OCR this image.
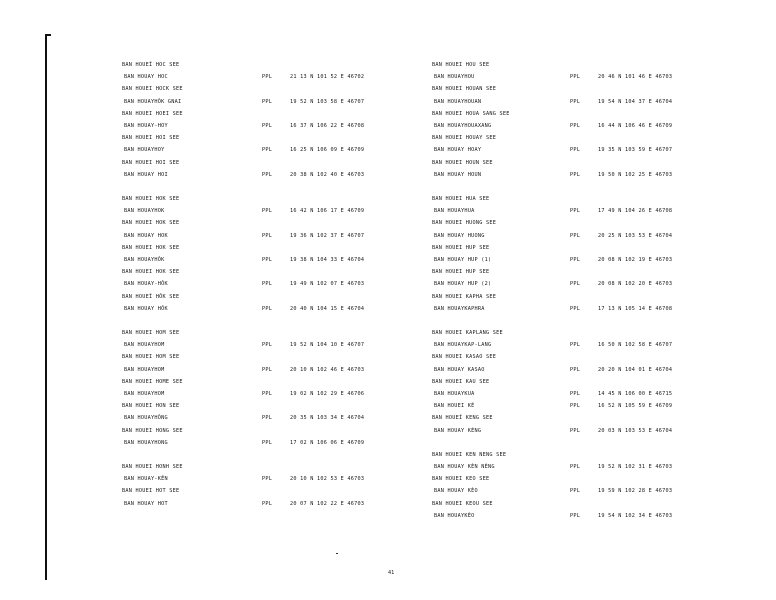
BAN HOUEĬ HOC SEE
BAN HOUAY HOC	PPL	21 13 N 101 52 E 46702
BAN HOUEI HOCK SEE
BAN HOUAYHÔK GNAI	PPL	19 52 N 103 58 E 46707
BAN HOUEI HOEI SEE
BAN HOUAY-HOY	PPL	16 37 N 106 22 E 46708
BAN HOUEI HOI SEE
BAN HOUAYHOY	PPL	16 25 N 106 09 E 46709
BAN HOUEI HOI SEE
BAN HOUAY HOI	PPL	20 38 N 102 40 E 46703
BAN HOUEI HOK SEE
BAN HOUAYHOK	PPL	16 42 N 106 17 E 46709
BAN HOUEI HOK SEE
BAN HOUAY HOK	PPL	19 36 N 102 37 E 46707
BAN HOUEI HOK SEE
BAN HOUAYHÔK	PPL	19 38 N 104 33 E 46704
BAN HOUEI HOK SEE
BAN HOUAY-HÔK	PPL	19 49 N 102 07 E 46703
BAN HOUEĬ HÔK SEE
BAN HOUAY HÔK	PPL	20 40 N 104 15 E 46704
BAN HOUEI HOM SEE
BAN HOUAYHOM	PPL	19 52 N 104 10 E 46707
BAN HOUEI HOM SEE
BAN HOUAYHOM	PPL	20 10 N 102 46 E 46703
BAN HOUEI HOME SEE
BAN HOUAYHOM	PPL	19 02 N 102 29 E 46706
BAN HOUEI HON SEE
BAN HOUAYHÔNG	PPL	20 35 N 103 34 E 46704
BAN HOUEI HONG SEE
BAN HOUAYHONG	PPL	17 02 N 106 06 E 46709
BAN HOUEI HONH SEE
BAN HOUAY-KÊN	PPL	20 10 N 102 53 E 46703
BAN HOUEI HOT SEE
BAN HOUAY HOT	PPL	20 07 N 102 22 E 46703
BAN HOUEI HOU SEE
BAN HOUAYHOU	PPL	20 46 N 101 46 E 46703
BAN HOUEI HOUAN SEE
BAN HOUAYHOUAN	PPL	19 54 N 104 37 E 46704
BAN HOUEI HOUA SANG SEE
BAN HOUAYHOUAXANG	PPL	16 44 N 106 46 E 46709
BAN HOUEI HOUAY SEE
BAN HOUAY HOAY	PPL	19 35 N 103 59 E 46707
BAN HOUEI HOUN SEE
BAN HOUAY HOUN	PPL	19 50 N 102 25 E 46703
BAN HOUEI HUA SEE
BAN HOUAYHUA	PPL	17 49 N 104 26 E 46708
BAN HOUEI HUONG SEE
BAN HOUAY HUONG	PPL	20 25 N 103 53 E 46704
BAN HOUEI HUP SEE
BAN HOUAY HUP (1)	PPL	20 08 N 102 19 E 46703
BAN HOUEI HUP SEE
BAN HOUAY HUP (2)	PPL	20 08 N 102 20 E 46703
BAN HOUEI KAPHA SEE
BAN HOUAYKAPHRA	PPL	17 13 N 105 14 E 46708
BAN HOUEI KAPLANG SEE
BAN HOUAYKAP-LANG	PPL	16 50 N 102 58 E 46707
BAN HOUEI KASAO SEE
BAN HOUAY KASAO	PPL	20 20 N 104 01 E 46704
BAN HOUEI KAU SEE
BAN HOUAYKUA	PPL	14 45 N 106 00 E 46715
BAN HOUEI KÉ	PPL	16 52 N 105 59 E 46709
BAN HOUEĬ KENG SEE
BAN HOUAY KÉNG	PPL	20 03 N 103 53 E 46704
BAN HOUEI KEN NENG SEE
BAN HOUAY KÈN NÈNG	PPL	19 52 N 102 31 E 46703
BAN HOUEI KEO SEE
BAN HOUAY KÈO	PPL	19 59 N 102 28 E 46703
BAN HOUEI KEOU SEE
BAN HOUAYKÈO	PPL	19 54 N 102 34 E 46703
41
